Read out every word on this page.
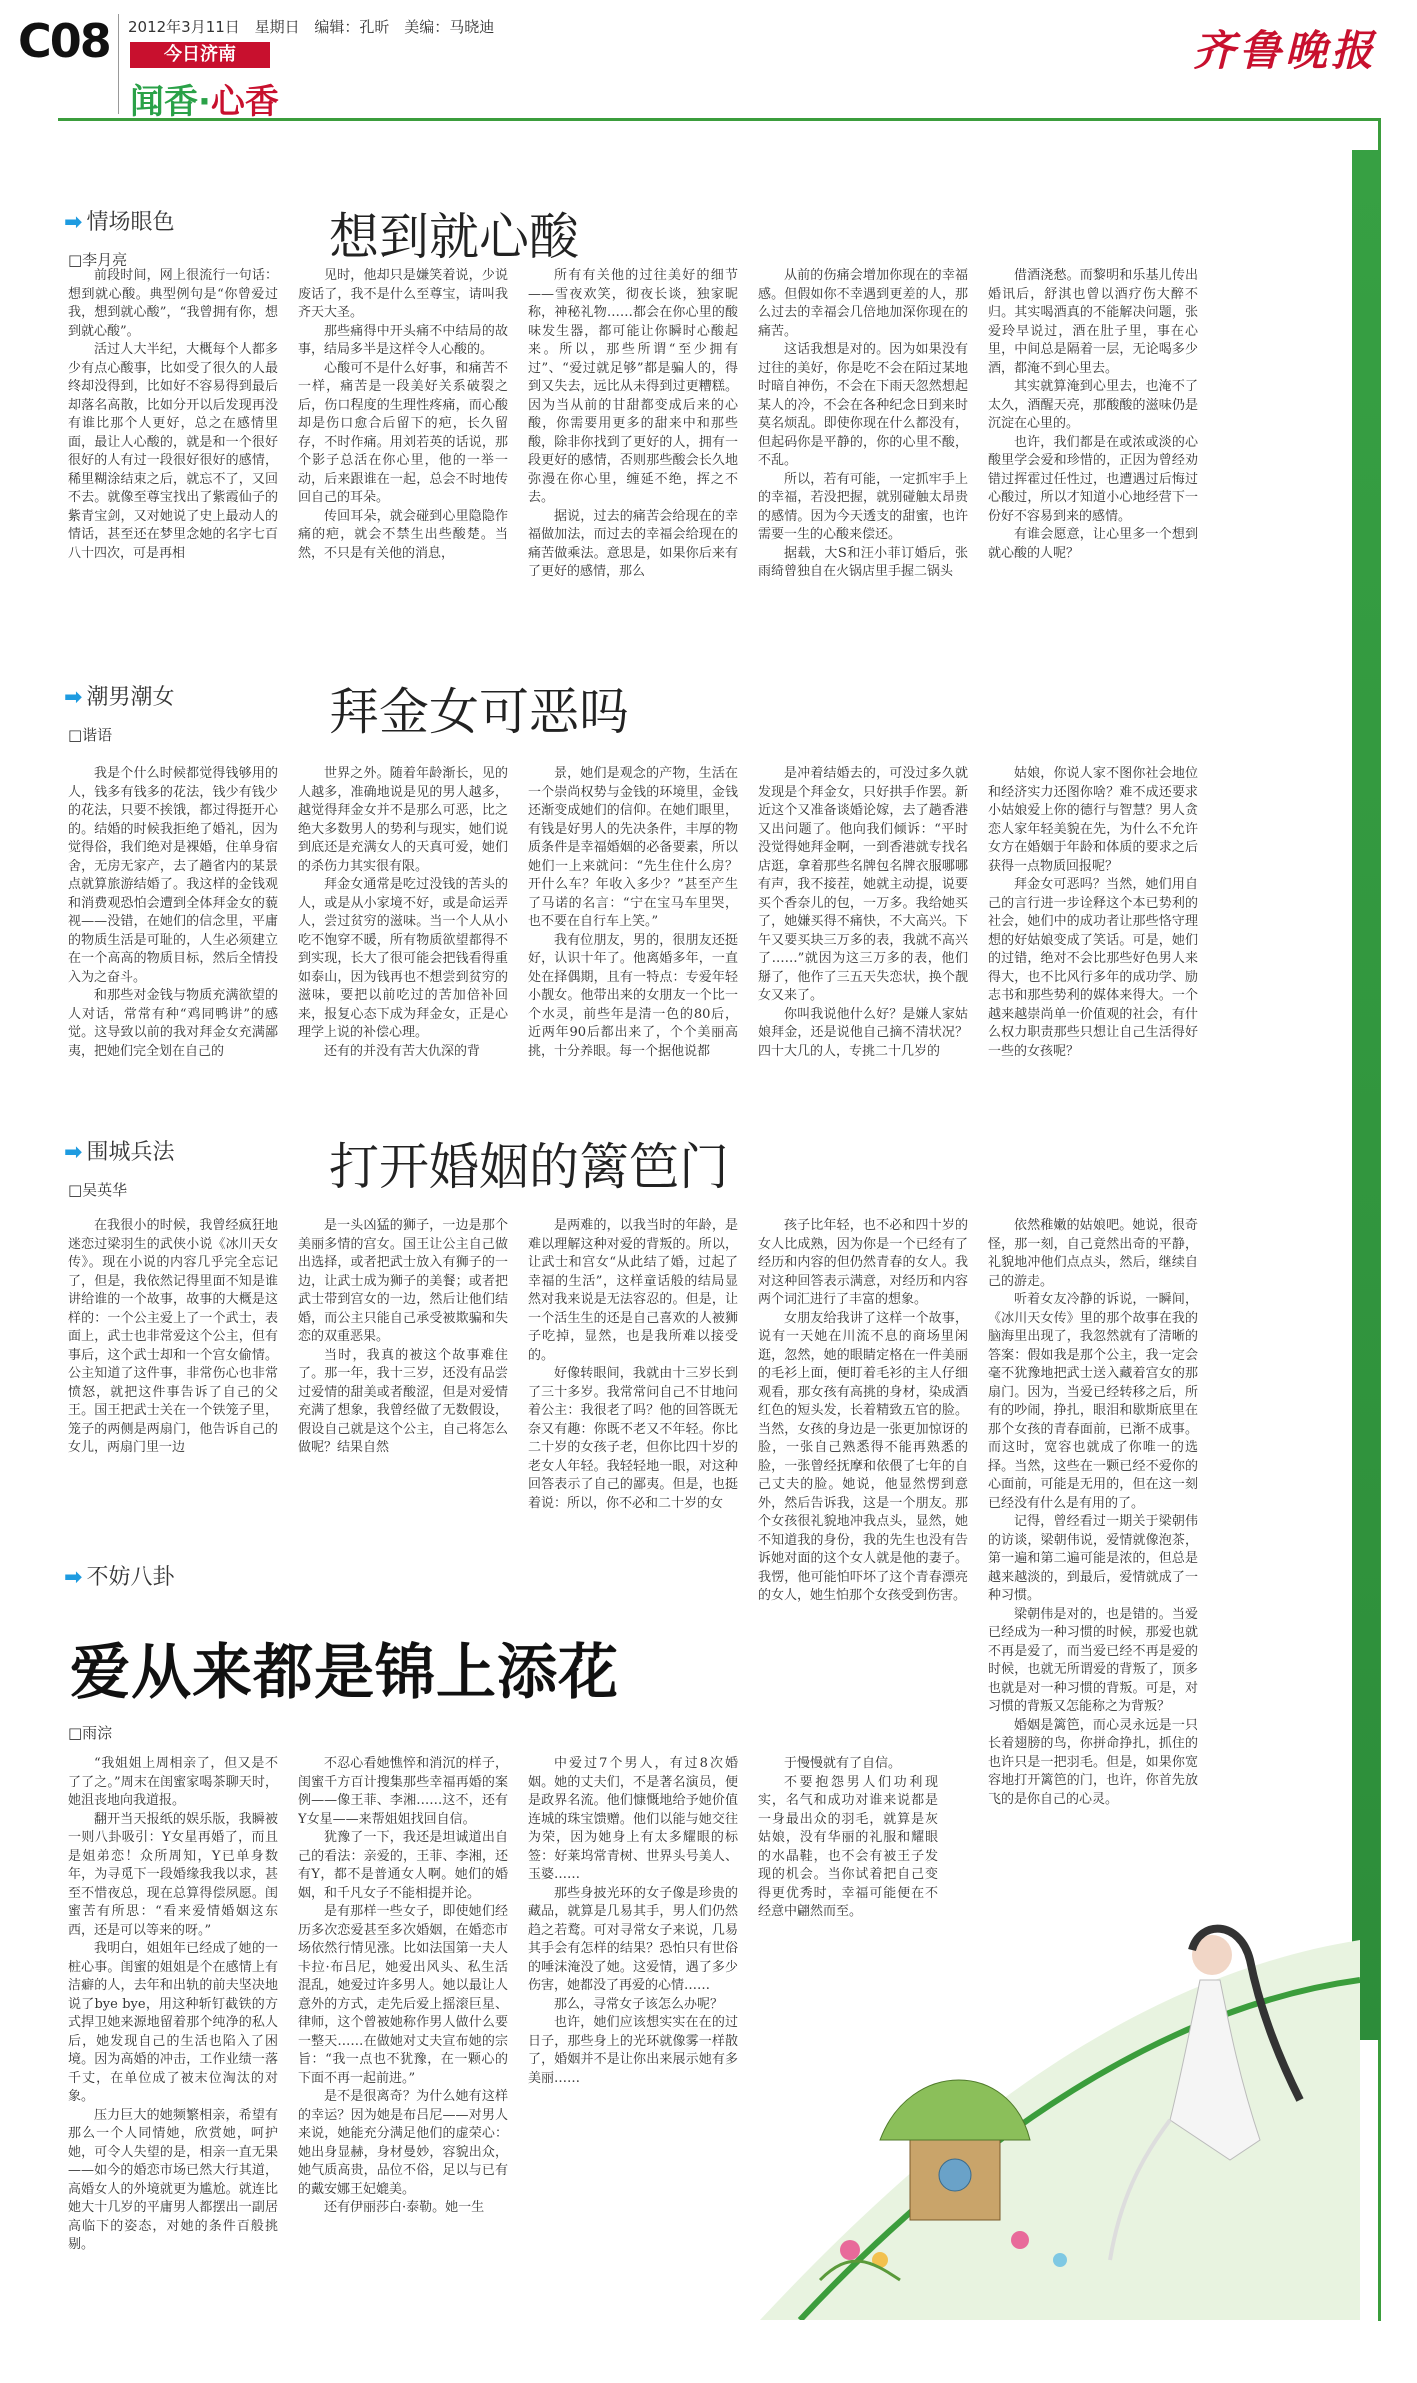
C08 2012年3月11日 星期日 编辑：孔昕 美编：马晓迪
今日济南
闻香·心香
齐鲁晚报
➡ 情场眼色
□李月亮	想到就心酸

前段时间，网上很流行一句话：想到就心酸。典型例句是“你曾爱过我，想到就心酸”，“我曾拥有你，想到就心酸”。

活过人大半纪，大概每个人都多少有点心酸事，比如受了很久的人最终却没得到，比如好不容易得到最后却落名高散，比如分开以后发现再没有谁比那个人更好，总之在感情里面，最让人心酸的，就是和一个很好很好的人有过一段很好很好的感情，稀里糊涂结束之后，就忘不了，又回不去。就像至尊宝找出了紫霞仙子的紫青宝剑，又对她说了史上最动人的情话，甚至还在梦里念她的名字七百八十四次，可是再相

见时，他却只是嫌笑着说，少说废话了，我不是什么至尊宝，请叫我齐天大圣。

那些痛得中开头痛不中结局的故事，结局多半是这样令人心酸的。

心酸可不是什么好事，和痛苦不一样，痛苦是一段美好关系破裂之后，伤口程度的生理性疼痛，而心酸却是伤口愈合后留下的疤，长久留存，不时作痛。用刘若英的话说，那个影子总活在你心里，他的一举一动，后来跟谁在一起，总会不时地传回自己的耳朵。

传回耳朵，就会碰到心里隐隐作痛的疤，就会不禁生出些酸楚。当然，不只是有关他的消息，

所有有关他的过往美好的细节——雪夜欢笑，彻夜长谈，独家昵称，神秘礼物……都会在你心里的酸味发生器，都可能让你瞬时心酸起来。所以，那些所谓“至少拥有过”、“爱过就足够”都是骗人的，得到又失去，远比从未得到过更糟糕。因为当从前的甘甜都变成后来的心酸，你需要用更多的甜来中和那些酸，除非你找到了更好的人，拥有一段更好的感情，否则那些酸会长久地弥漫在你心里，缠延不绝，挥之不去。

据说，过去的痛苦会给现在的幸福做加法，而过去的幸福会给现在的痛苦做乘法。意思是，如果你后来有了更好的感情，那么

从前的伤痛会增加你现在的幸福感。但假如你不幸遇到更差的人，那么过去的幸福会几倍地加深你现在的痛苦。

这话我想是对的。因为如果没有过往的美好，你是吃不会在陌过某地时暗自神伤，不会在下雨天忽然想起某人的冷，不会在各种纪念日到来时莫名烦乱。即使你现在什么都没有，但起码你是平静的，你的心里不酸，不乱。

所以，若有可能，一定抓牢手上的幸福，若没把握，就别碰触太昂贵的感情。因为今天透支的甜蜜，也许需要一生的心酸来偿还。

据载，大S和汪小菲订婚后，张雨绮曾独自在火锅店里手握二锅头

借酒浇愁。而黎明和乐基儿传出婚讯后，舒淇也曾以酒疗伤大醉不归。其实喝酒真的不能解决问题，张爱玲早说过，酒在肚子里，事在心里，中间总是隔着一层，无论喝多少酒，都淹不到心里去。

其实就算淹到心里去，也淹不了太久，酒醒天亮，那酸酸的滋味仍是沉淀在心里的。

也许，我们都是在或浓或淡的心酸里学会爱和珍惜的，正因为曾经劝错过挥霍过任性过，也遭遇过后悔过心酸过，所以才知道小心地经营下一份好不容易到来的感情。

有谁会愿意，让心里多一个想到就心酸的人呢？

➡ 潮男潮女
□谐语	拜金女可恶吗

我是个什么时候都觉得钱够用的人，钱多有钱多的花法，钱少有钱少的花法，只要不挨饿，都过得挺开心的。结婚的时候我拒绝了婚礼，因为觉得俗，我们绝对是裸婚，住单身宿舍，无房无家产，去了趟省内的某景点就算旅游结婚了。我这样的金钱观和消费观恐怕会遭到全体拜金女的藐视——没错，在她们的信念里，平庸的物质生活是可耻的，人生必须建立在一个高高的物质目标，然后全情投入为之奋斗。

和那些对金钱与物质充满欲望的人对话，常常有种“鸡同鸭讲”的感觉。这导致以前的我对拜金女充满鄙夷，把她们完全划在自己的

世界之外。随着年龄渐长，见的人越多，准确地说是见的男人越多，越觉得拜金女并不是那么可恶，比之绝大多数男人的势利与现实，她们说到底还是充满女人的天真可爱，她们的杀伤力其实很有限。

拜金女通常是吃过没钱的苦头的人，或是从小家境不好，或是命运弄人，尝过贫穷的滋味。当一个人从小吃不饱穿不暖，所有物质欲望都得不到实现，长大了很可能会把钱看得重如泰山，因为钱再也不想尝到贫穷的滋味，要把以前吃过的苦加倍补回来，报复心态下成为拜金女，正是心理学上说的补偿心理。

还有的并没有苦大仇深的背

景，她们是观念的产物，生活在一个崇尚权势与金钱的环境里，金钱还渐变成她们的信仰。在她们眼里，有钱是好男人的先决条件，丰厚的物质条件是幸福婚姻的必备要素，所以她们一上来就问：“先生住什么房？开什么车？年收入多少？”甚至产生了马诺的名言：“宁在宝马车里哭，也不要在自行车上笑。”

我有位朋友，男的，很朋友还挺好，认识十年了。他离婚多年，一直处在择偶期，且有一特点：专爱年轻小靓女。他带出来的女朋友一个比一个水灵，前些年是清一色的80后，近两年90后都出来了，个个美丽高挑，十分养眼。每一个据他说都

是冲着结婚去的，可没过多久就发现是个拜金女，只好拱手作罢。新近这个又准备谈婚论嫁，去了趟香港又出问题了。他向我们倾诉：“平时没觉得她拜金啊，一到香港就专找名店逛，拿着那些名牌包名牌衣服哪哪有声，我不接茬，她就主动提，说要买个香奈儿的包，一万多。我给她买了，她嫌买得不痛快，不大高兴。下午又要买块三万多的表，我就不高兴了……”就因为这三万多的表，他们掰了，他作了三五天失恋状，换个靓女又来了。

你叫我说他什么好？是嫌人家姑娘拜金，还是说他自己摘不清状况？四十大几的人，专挑二十几岁的

姑娘，你说人家不图你社会地位和经济实力还图你啥？难不成还要求小姑娘爱上你的德行与智慧？男人贪恋人家年轻美貌在先，为什么不允许女方在婚姻于年龄和体质的要求之后获得一点物质回报呢？

拜金女可恶吗？当然，她们用自己的言行进一步诠释这个本已势利的社会，她们中的成功者让那些恪守理想的好姑娘变成了笑话。可是，她们的过错，绝对不会比那些好色男人来得大，也不比风行多年的成功学、励志书和那些势利的媒体来得大。一个越来越崇尚单一价值观的社会，有什么权力职责那些只想让自己生活得好一些的女孩呢？

➡ 围城兵法
□吴英华	打开婚姻的篱笆门

在我很小的时候，我曾经疯狂地迷恋过梁羽生的武侠小说《冰川天女传》。现在小说的内容几乎完全忘记了，但是，我依然记得里面不知是谁讲给谁的一个故事，故事的大概是这样的：一个公主爱上了一个武士，表面上，武士也非常爱这个公主，但有事后，这个武士却和一个宫女偷情。公主知道了这件事，非常伤心也非常愤怒，就把这件事告诉了自己的父王。国王把武士关在一个铁笼子里，笼子的两侧是两扇门，他告诉自己的女儿，两扇门里一边

是一头凶猛的狮子，一边是那个美丽多情的宫女。国王让公主自己做出选择，或者把武士放入有狮子的一边，让武士成为狮子的美餐；或者把武士带到宫女的一边，然后让他们结婚，而公主只能自己承受被欺骗和失恋的双重恶果。

当时，我真的被这个故事难住了。那一年，我十三岁，还没有品尝过爱情的甜美或者酸涩，但是对爱情充满了想象，我曾经做了无数假设，假设自己就是这个公主，自己将怎么做呢？结果自然

是两难的，以我当时的年龄，是难以理解这种对爱的背叛的。所以，让武士和宫女“从此结了婚，过起了幸福的生活”，这样童话般的结局显然对我来说是无法容忍的。但是，让一个活生生的还是自己喜欢的人被狮子吃掉，显然，也是我所难以接受的。

好像转眼间，我就由十三岁长到了三十多岁。我常常问自己不甘地问着公主：我很老了吗？他的回答既无奈又有趣：你既不老又不年轻。你比二十岁的女孩子老，但你比四十岁的老女人年轻。我轻轻地一眼，对这种回答表示了自己的鄙夷。但是，也挺着说：所以，你不必和二十岁的女

孩子比年轻，也不必和四十岁的女人比成熟，因为你是一个已经有了经历和内容的但仍然青春的女人。我对这种回答表示满意，对经历和内容两个词汇进行了丰富的想象。

女朋友给我讲了这样一个故事，说有一天她在川流不息的商场里闲逛，忽然，她的眼睛定格在一件美丽的毛衫上面，便盯着毛衫的主人仔细观看，那女孩有高挑的身材，染成酒红色的短头发，长着精致五官的脸。当然，女孩的身边是一张更加惊讶的脸，一张自己熟悉得不能再熟悉的脸，一张曾经抚摩和依偎了七年的自己丈夫的脸。她说，他显然愣到意外，然后告诉我，这是一个朋友。那个女孩很礼貌地冲我点头，显然，她不知道我的身份，我的先生也没有告诉她对面的这个女人就是他的妻子。我愣，他可能怕吓坏了这个青春漂亮的女人，她生怕那个女孩受到伤害。

依然稚嫩的姑娘吧。她说，很奇怪，那一刻，自己竟然出奇的平静，礼貌地冲他们点点头，然后，继续自己的游走。

听着女友冷静的诉说，一瞬间，《冰川天女传》里的那个故事在我的脑海里出现了，我忽然就有了清晰的答案：假如我是那个公主，我一定会毫不犹豫地把武士送入藏着宫女的那扇门。因为，当爱已经转移之后，所有的吵闹，挣扎，眼泪和歇斯底里在那个女孩的青春面前，已渐不成事。而这时，宽容也就成了你唯一的选择。当然，这些在一颗已经不爱你的心面前，可能是无用的，但在这一刻已经没有什么是有用的了。

记得，曾经看过一期关于梁朝伟的访谈，梁朝伟说，爱情就像泡茶，第一遍和第二遍可能是浓的，但总是越来越淡的，到最后，爱情就成了一种习惯。

梁朝伟是对的，也是错的。当爱已经成为一种习惯的时候，那爱也就不再是爱了，而当爱已经不再是爱的时候，也就无所谓爱的背叛了，顶多也就是对一种习惯的背叛。可是，对习惯的背叛又怎能称之为背叛？

婚姻是篱笆，而心灵永远是一只长着翅膀的鸟，你拼命挣扎，抓住的也许只是一把羽毛。但是，如果你宽容地打开篱笆的门，也许，你首先放飞的是你自己的心灵。

➡ 不妨八卦
爱从来都是锦上添花
□雨淙

“我姐姐上周相亲了，但又是不了了之。”周末在闺蜜家喝茶聊天时，她沮丧地向我道报。

翻开当天报纸的娱乐版，我瞬被一则八卦吸引：Y女星再婚了，而且是姐弟恋！众所周知，Y已单身数年，为寻觅下一段婚缘我我以求，甚至不惜夜总，现在总算得偿夙愿。闺蜜苦有所思：“看来爱情婚姻这东西，还是可以等来的呀。”

我明白，姐姐年已经成了她的一桩心事。闺蜜的姐姐是个在感情上有洁癖的人，去年和出轨的前夫坚决地说了bye bye，用这种斩钉截铁的方式捍卫她来源地留着那个纯净的私人后，她发现自己的生活也陷入了困境。因为高婚的冲击，工作业绩一落千丈，在单位成了被末位淘汰的对象。

压力巨大的她频繁相亲，希望有那么一个人同情她，欣赏她，呵护她，可令人失望的是，相亲一直无果——如今的婚恋市场已然大行其道，高婚女人的外境就更为尴尬。就连比她大十几岁的平庸男人都摆出一副居高临下的姿态，对她的条件百般挑剔。

不忍心看她憔悴和消沉的样子，闺蜜千方百计搜集那些幸福再婚的案例——像王菲、李湘……这不，还有Y女星——来帮姐姐找回自信。

犹豫了一下，我还是坦诚道出自己的看法：亲爱的，王菲、李湘，还有Y，都不是普通女人啊。她们的婚姻，和千凡女子不能相提并论。

是有那样一些女子，即使她们经历多次恋爱甚至多次婚姻，在婚恋市场依然行情见涨。比如法国第一夫人卡拉·布吕尼，她爱出风头、私生活混乱，她爱过许多男人。她以最让人意外的方式，走先后爱上摇滚巨星、律师，这个曾被她称作男人做什么要一整天……在做她对丈夫宣布她的宗旨：“我一点也不犹豫，在一颗心的下面不再一起前进。”

是不是很离奇？为什么她有这样的幸运？因为她是布吕尼——对男人来说，她能充分满足他们的虚荣心：她出身显赫，身材曼妙，容貌出众，她气质高贵，品位不俗，足以与已有的戴安娜王妃媲美。

还有伊丽莎白·泰勒。她一生

中爱过7个男人，有过8次婚姻。她的丈夫们，不是著名演员，便是政界名流。他们慷慨地给予她价值连城的珠宝馈赠。他们以能与她交往为荣，因为她身上有太多耀眼的标签：好莱坞常青树、世界头号美人、玉婆……

那些身披光环的女子像是珍贵的藏品，就算是几易其手，男人们仍然趋之若鹜。可对寻常女子来说，几易其手会有怎样的结果？恐怕只有世俗的唾沫淹没了她。这爱情，遇了多少伤害，她都没了再爱的心情……

那么，寻常女子该怎么办呢？

也许，她们应该想实实在在的过日子，那些身上的光环就像雾一样散了，婚姻并不是让你出来展示她有多美丽……

于慢慢就有了自信。

不要抱怨男人们功利现实，名气和成功对谁来说都是一身最出众的羽毛，就算是灰姑娘，没有华丽的礼服和耀眼的水晶鞋，也不会有被王子发现的机会。当你试着把自己变得更优秀时，幸福可能便在不经意中翩然而至。
